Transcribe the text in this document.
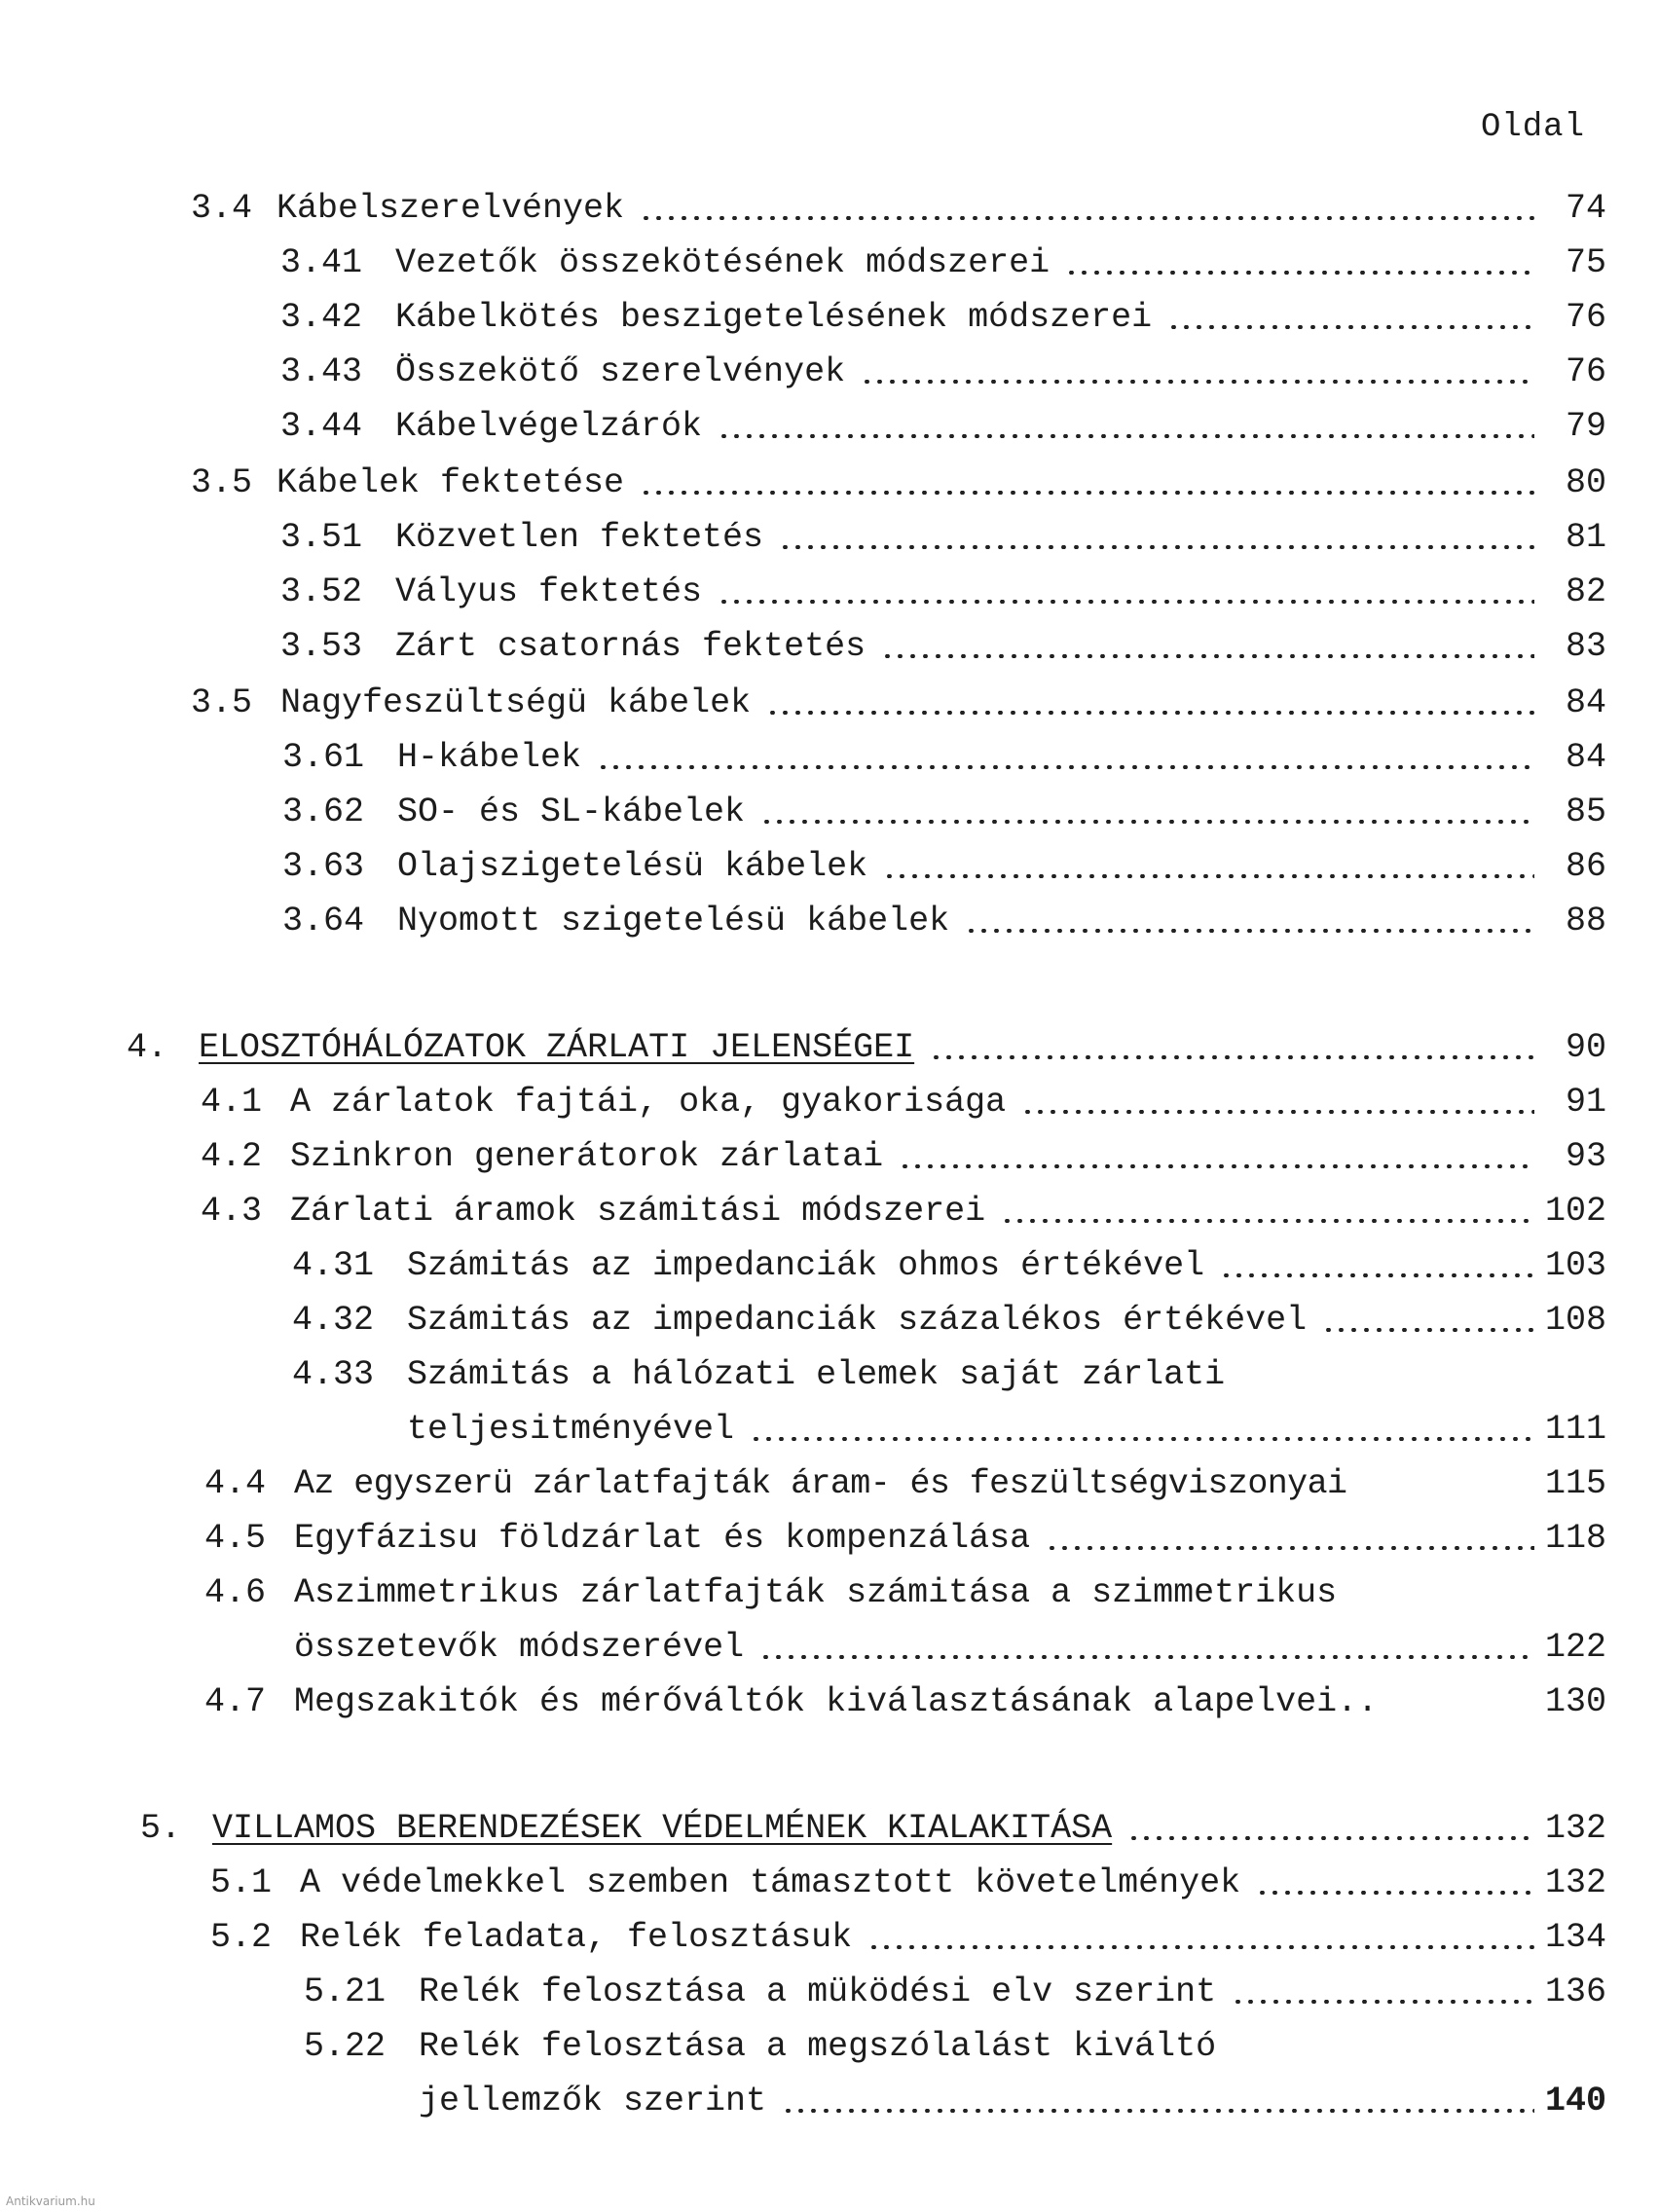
Oldal
3.4 Kábelszerelvények	74
3.41 Vezetők összekötésének módszerei	75
3.42 Kábelkötés beszigetelésének módszerei	76
3.43 Összekötő szerelvények	76
3.44 Kábelvégelzárók	79
3.5 Kábelek fektetése	80
3.51 Közvetlen fektetés	81
3.52 Vályus fektetés	82
3.53 Zárt csatornás fektetés	83
3.5 Nagyfeszültségü kábelek	84
3.61 H-kábelek	84
3.62 SO- és SL-kábelek	85
3.63 Olajszigetelésü kábelek	86
3.64 Nyomott szigetelésü kábelek	88
4. ELOSZTÓHÁLÓZATOK ZÁRLATI JELENSÉGEI	90
4.1 A zárlatok fajtái, oka, gyakorisága	91
4.2 Szinkron generátorok zárlatai	93
4.3 Zárlati áramok számitási módszerei	102
4.31 Számitás az impedanciák ohmos értékével	103
4.32 Számitás az impedanciák százalékos értékével	108
4.33 Számitás a hálózati elemek saját zárlati
teljesitményével	111
4.4 Az egyszerü zárlatfajták áram- és feszültségviszonyai	115
4.5 Egyfázisu földzárlat és kompenzálása	118
4.6 Aszimmetrikus zárlatfajták számitása a szimmetrikus
összetevők módszerével	122
4.7 Megszakitók és mérőváltók kiválasztásának alapelvei..	130
5. VILLAMOS BERENDEZÉSEK VÉDELMÉNEK KIALAKITÁSA	132
5.1 A védelmekkel szemben támasztott követelmények	132
5.2 Relék feladata, felosztásuk	134
5.21 Relék felosztása a müködési elv szerint	136
5.22 Relék felosztása a megszólalást kiváltó
jellemzők szerint	140
Antikvarium.hu
